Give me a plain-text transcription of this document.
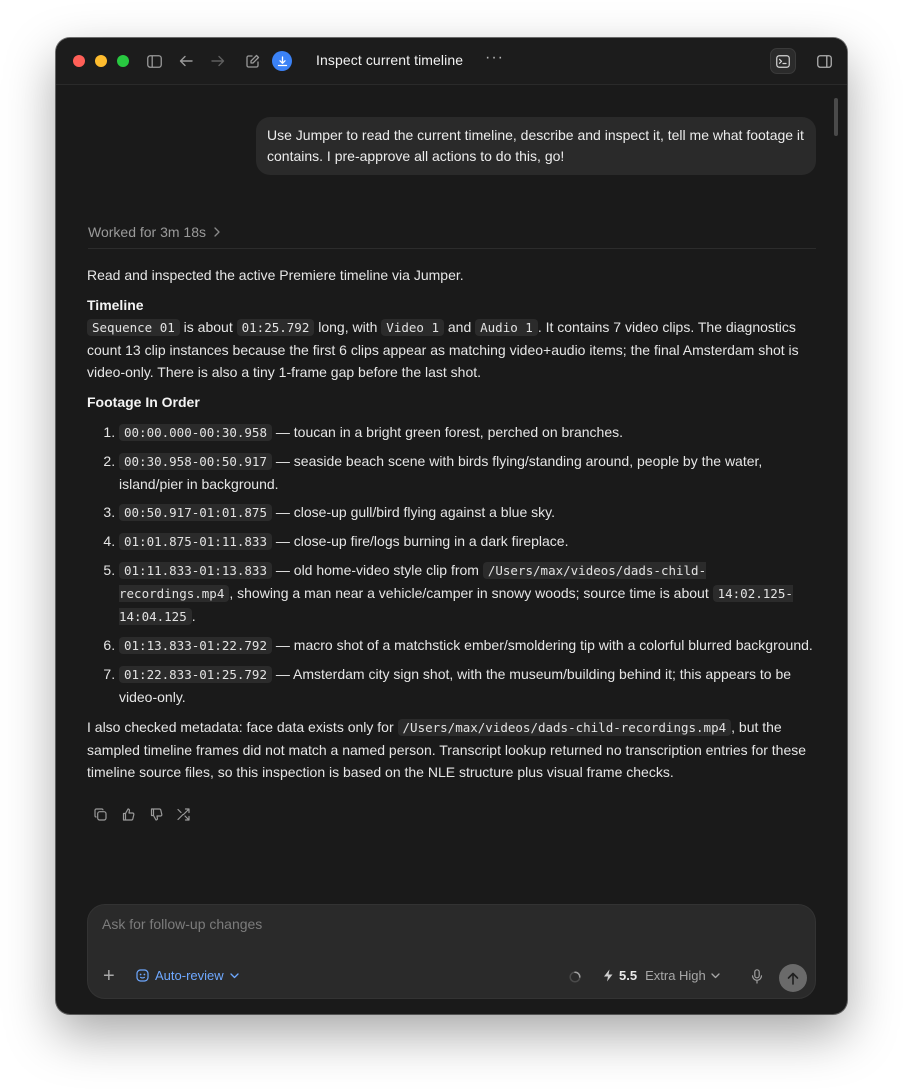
Inspect current timeline ···
Use Jumper to read the current timeline, describe and inspect it, tell me what footage it contains. I pre-approve all actions to do this, go!
Worked for 3m 18s

Read and inspected the active Premiere timeline via Jumper.

Timeline

Sequence 01 is about 01:25.792 long, with Video 1 and Audio 1 . It contains 7 video clips. The diagnostics count 13 clip instances because the first 6 clips appear as matching video+audio items; the final Amsterdam shot is video-only. There is also a tiny 1-frame gap before the last shot.

Footage In Order
1. 00:00.000-00:30.958 — toucan in a bright green forest, perched on branches.
2. 00:30.958-00:50.917 — seaside beach scene with birds flying/standing around, people by the water, island/pier in background.
3. 00:50.917-01:01.875 — close-up gull/bird flying against a blue sky.
4. 01:01.875-01:11.833 — close-up fire/logs burning in a dark fireplace.
5. 01:11.833-01:13.833 — old home-video style clip from /Users/max/videos/dads-child-recordings.mp4 , showing a man near a vehicle/camper in snowy woods; source time is about 14:02.125-14:04.125 .
6. 01:13.833-01:22.792 — macro shot of a matchstick ember/smoldering tip with a colorful blurred background.
7. 01:22.833-01:25.792 — Amsterdam city sign shot, with the museum/building behind it; this appears to be video-only.

I also checked metadata: face data exists only for /Users/max/videos/dads-child-recordings.mp4 , but the sampled timeline frames did not match a named person. Transcript lookup returned no transcription entries for these timeline source files, so this inspection is based on the NLE structure plus visual frame checks.

Ask for follow-up changes
+	Auto-review	5.5 Extra High
